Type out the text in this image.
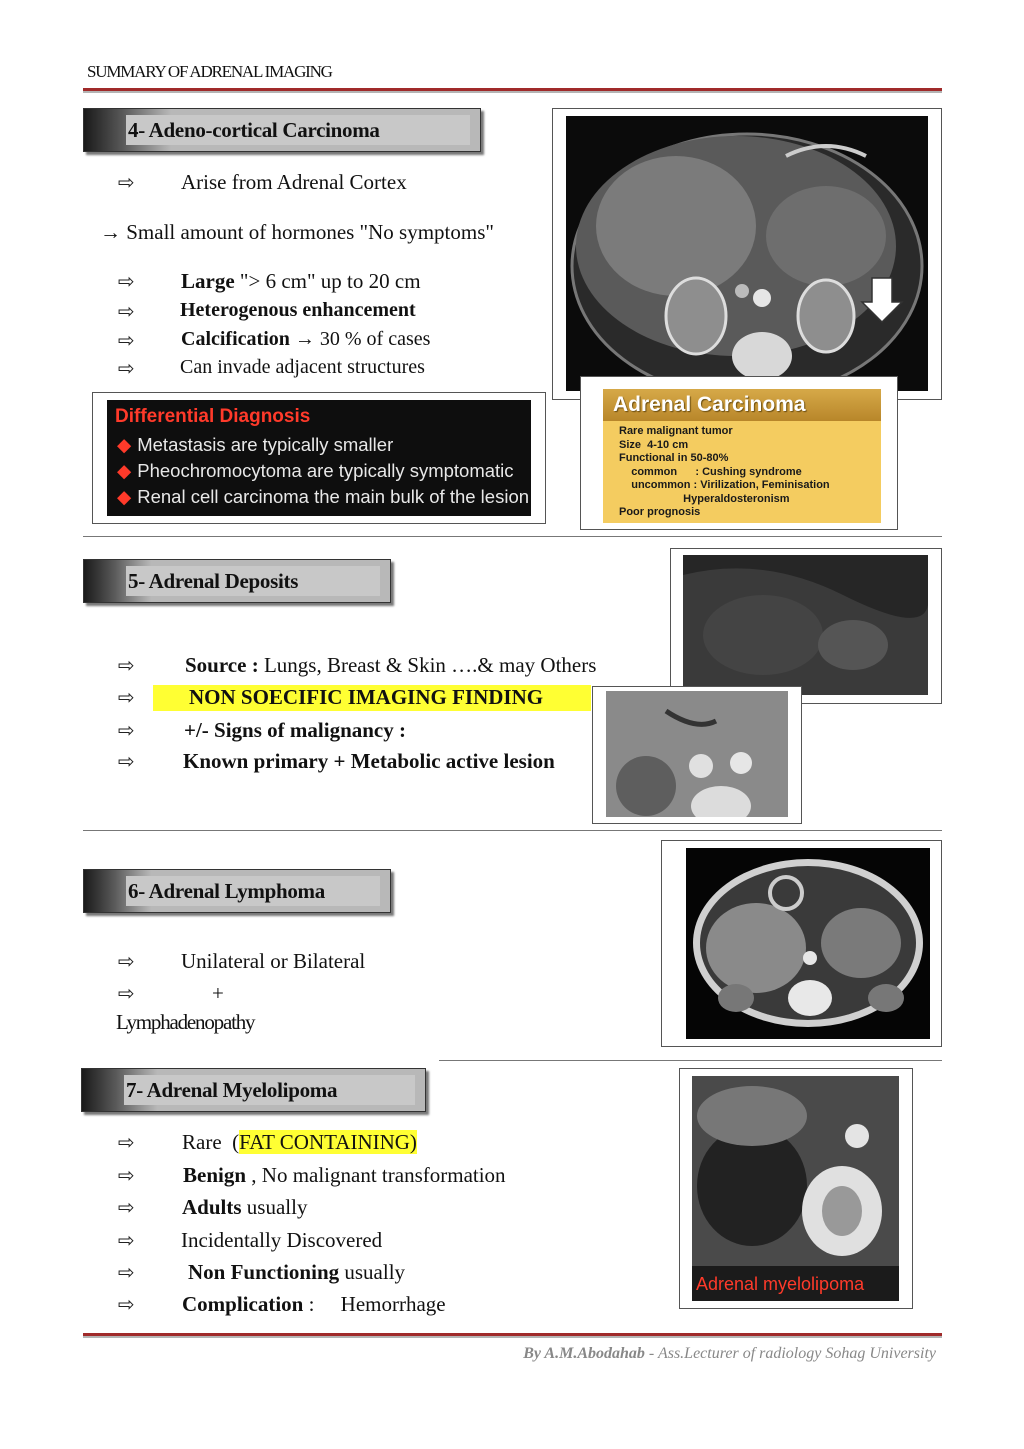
SUMMARY OF ADRENAL IMAGING
4- Adeno-cortical Carcinoma
⇨ Arise from Adrenal Cortex
→ Small amount of hormones "No symptoms"
⇨ Large "> 6 cm" up to 20 cm
⇨ Heterogenous enhancement
⇨ Calcification → 30 % of cases
⇨ Can invade adjacent structures
Differential Diagnosis
◆ Metastasis are typically smaller
◆ Pheochromocytoma are typically symptomatic
◆ Renal cell carcinoma the main bulk of the lesion
Adrenal Carcinoma
Rare malignant tumor
Size  4-10 cm
Functional in 50-80%
common      : Cushing syndrome
uncommon : Virilization, Feminisation
Hyperaldosteronism
Poor prognosis
5- Adrenal Deposits
⇨ Source : Lungs, Breast & Skin ….& may Others
⇨	NON SOECIFIC IMAGING FINDING
⇨ +/- Signs of malignancy :
⇨ Known primary + Metabolic active lesion
6- Adrenal Lymphoma
⇨ Unilateral or Bilateral
⇨	+
Lymphadenopathy
7- Adrenal Myelolipoma
Adrenal myelolipoma
⇨ Rare  (FAT CONTAINING)
⇨ Benign , No malignant transformation
⇨ Adults usually
⇨ Incidentally Discovered
⇨	Non Functioning usually
⇨ Complication :     Hemorrhage
By A.M.Abodahab - Ass.Lecturer of radiology Sohag University
